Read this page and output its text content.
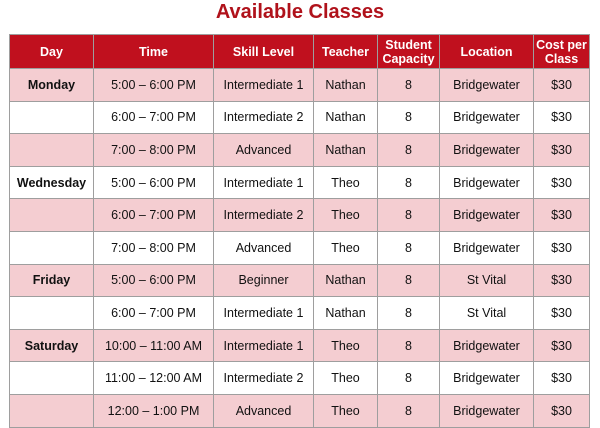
Available Classes
Day	Time	Skill Level	Teacher	Student Capacity	Location	Cost per Class
Monday	5:00 – 6:00 PM	Intermediate 1	Nathan	8	Bridgewater	$30
	6:00 – 7:00 PM	Intermediate 2	Nathan	8	Bridgewater	$30
	7:00 – 8:00 PM	Advanced	Nathan	8	Bridgewater	$30
Wednesday	5:00 – 6:00 PM	Intermediate 1	Theo	8	Bridgewater	$30
	6:00 – 7:00 PM	Intermediate 2	Theo	8	Bridgewater	$30
	7:00 – 8:00 PM	Advanced	Theo	8	Bridgewater	$30
Friday	5:00 – 6:00 PM	Beginner	Nathan	8	St Vital	$30
	6:00 – 7:00 PM	Intermediate 1	Nathan	8	St Vital	$30
Saturday	10:00 – 11:00 AM	Intermediate 1	Theo	8	Bridgewater	$30
	11:00 – 12:00 AM	Intermediate 2	Theo	8	Bridgewater	$30
	12:00 – 1:00 PM	Advanced	Theo	8	Bridgewater	$30
